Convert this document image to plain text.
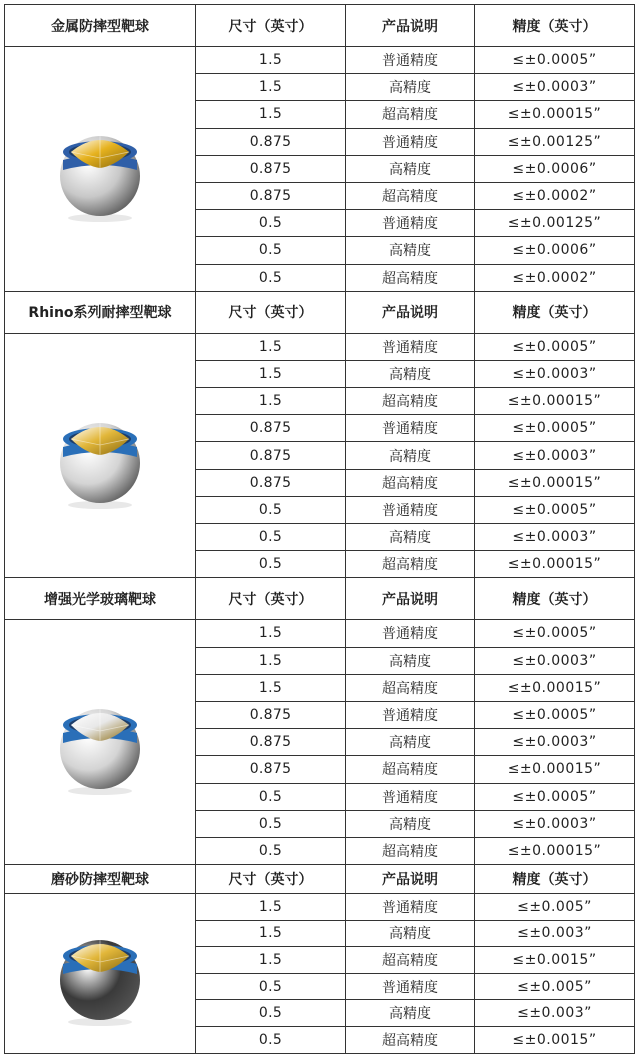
金属防摔型靶球	尺寸（英寸）	产品说明	精度（英寸）

	1.5	普通精度	≤±0.0005”
	1.5	高精度	≤±0.0003”
	1.5	超高精度	≤±0.00015”
	0.875	普通精度	≤±0.00125”
	0.875	高精度	≤±0.0006”
	0.875	超高精度	≤±0.0002”
	0.5	普通精度	≤±0.00125”
	0.5	高精度	≤±0.0006”
	0.5	超高精度	≤±0.0002”
Rhino系列耐摔型靶球	尺寸（英寸）	产品说明	精度（英寸）

	1.5	普通精度	≤±0.0005”
	1.5	高精度	≤±0.0003”
	1.5	超高精度	≤±0.00015”
	0.875	普通精度	≤±0.0005”
	0.875	高精度	≤±0.0003”
	0.875	超高精度	≤±0.00015”
	0.5	普通精度	≤±0.0005”
	0.5	高精度	≤±0.0003”
	0.5	超高精度	≤±0.00015”
增强光学玻璃靶球	尺寸（英寸）	产品说明	精度（英寸）

	1.5	普通精度	≤±0.0005”
	1.5	高精度	≤±0.0003”
	1.5	超高精度	≤±0.00015”
	0.875	普通精度	≤±0.0005”
	0.875	高精度	≤±0.0003”
	0.875	超高精度	≤±0.00015”
	0.5	普通精度	≤±0.0005”
	0.5	高精度	≤±0.0003”
	0.5	超高精度	≤±0.00015”
磨砂防摔型靶球	尺寸（英寸）	产品说明	精度（英寸）

	1.5	普通精度	≤±0.005”
	1.5	高精度	≤±0.003”
	1.5	超高精度	≤±0.0015”
	0.5	普通精度	≤±0.005”
	0.5	高精度	≤±0.003”
	0.5	超高精度	≤±0.0015”
